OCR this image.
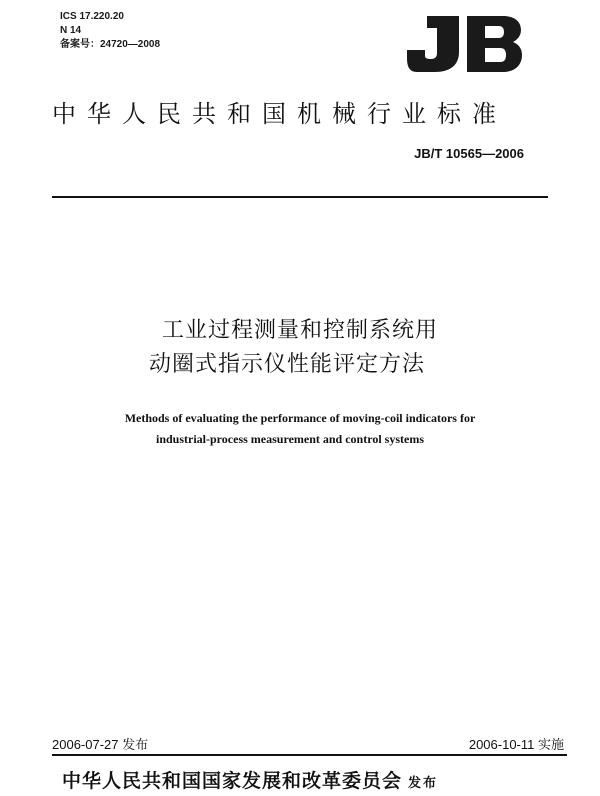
ICS 17.220.20
N 14
备案号：24720—2008
中华人民共和国机械行业标准
JB/T 10565—2006
工业过程测量和控制系统用
动圈式指示仪性能评定方法
Methods of evaluating the performance of moving-coil indicators for
industrial-process measurement and control systems
2006-07-27 发布	2006-10-11 实施
中华人民共和国国家发展和改革委员会 发布
